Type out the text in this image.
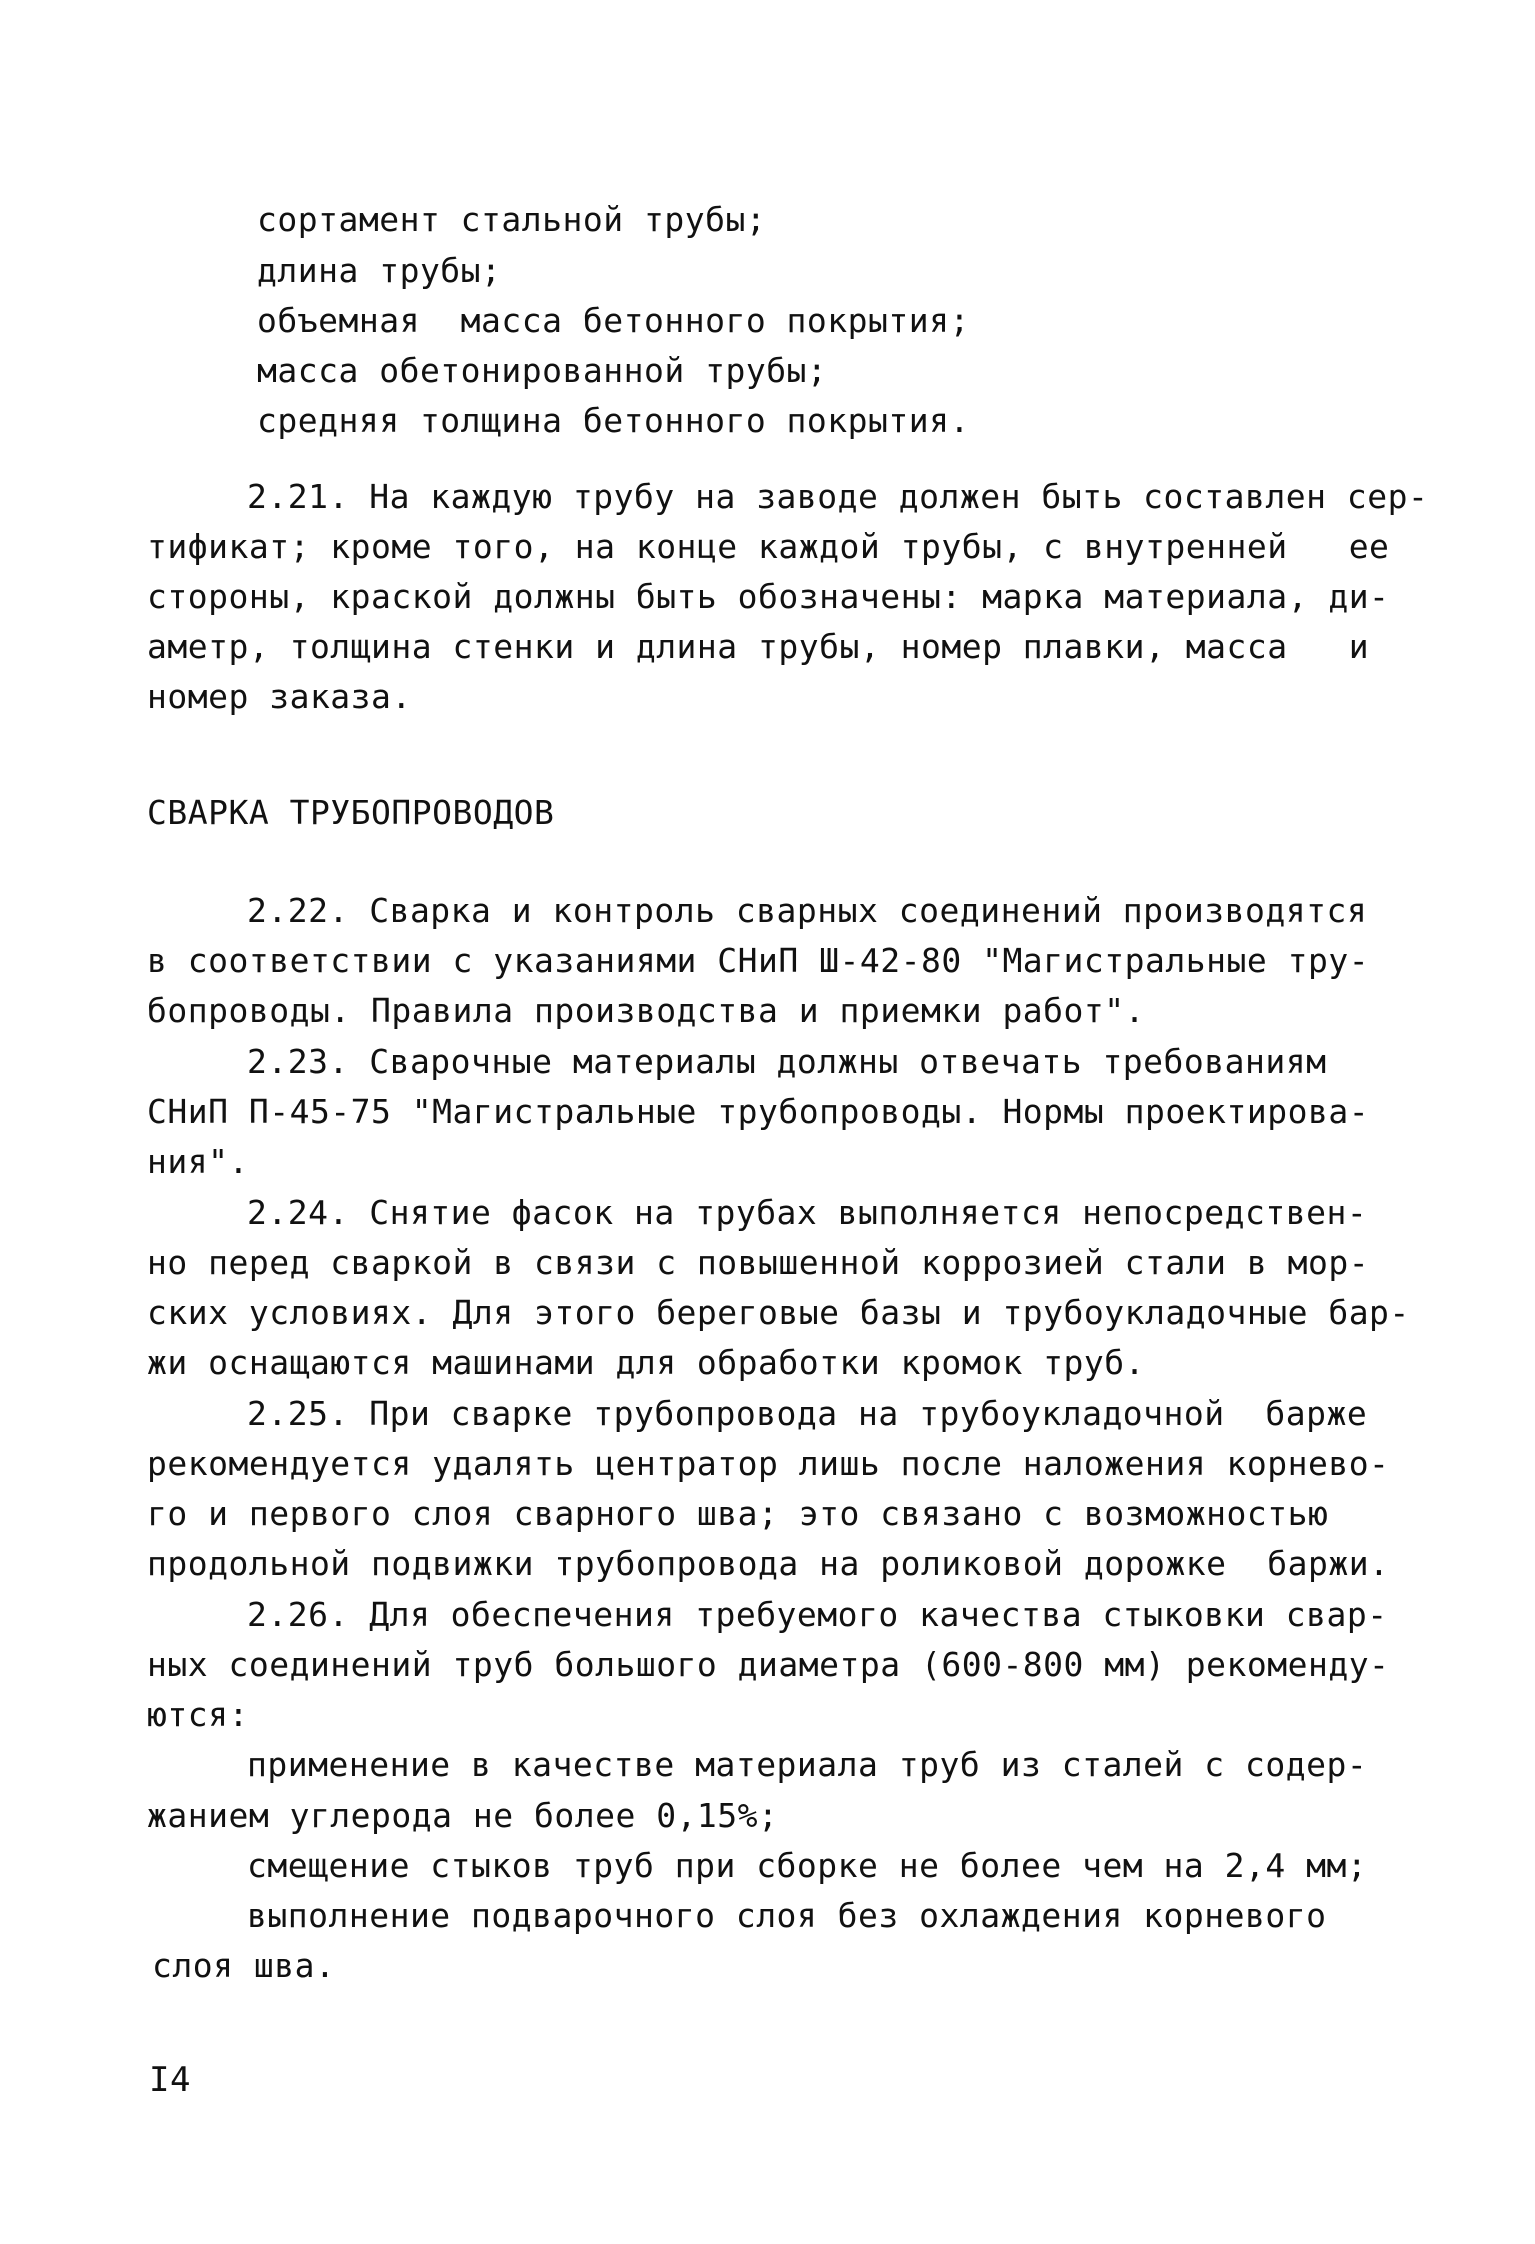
сортамент стальной трубы;
длина трубы;
объемная  масса бетонного покрытия;
масса обетонированной трубы;
средняя толщина бетонного покрытия.
2.21. На каждую трубу на заводе должен быть составлен сер-
тификат; кроме того, на конце каждой трубы, с внутренней   ее
стороны, краской должны быть обозначены: марка материала, ди-
аметр, толщина стенки и длина трубы, номер плавки, масса   и
номер заказа.
СВАРКА ТРУБОПРОВОДОВ
2.22. Сварка и контроль сварных соединений производятся
в соответствии с указаниями СНиП Ш-42-80 "Магистральные тру-
бопроводы. Правила производства и приемки работ".
2.23. Сварочные материалы должны отвечать требованиям
СНиП П-45-75 "Магистральные трубопроводы. Нормы проектирова-
ния".
2.24. Снятие фасок на трубах выполняется непосредствен-
но перед сваркой в связи с повышенной коррозией стали в мор-
ских условиях. Для этого береговые базы и трубоукладочные бар-
жи оснащаются машинами для обработки кромок труб.
2.25. При сварке трубопровода на трубоукладочной  барже
рекомендуется удалять центратор лишь после наложения корнево-
го и первого слоя сварного шва; это связано с возможностью
продольной подвижки трубопровода на роликовой дорожке  баржи.
2.26. Для обеспечения требуемого качества стыковки свар-
ных соединений труб большого диаметра (600-800 мм) рекоменду-
ются:
применение в качестве материала труб из сталей с содер-
жанием углерода не более 0,15%;
смещение стыков труб при сборке не более чем на 2,4 мм;
выполнение подварочного слоя без охлаждения корневого
слоя шва.
I4
